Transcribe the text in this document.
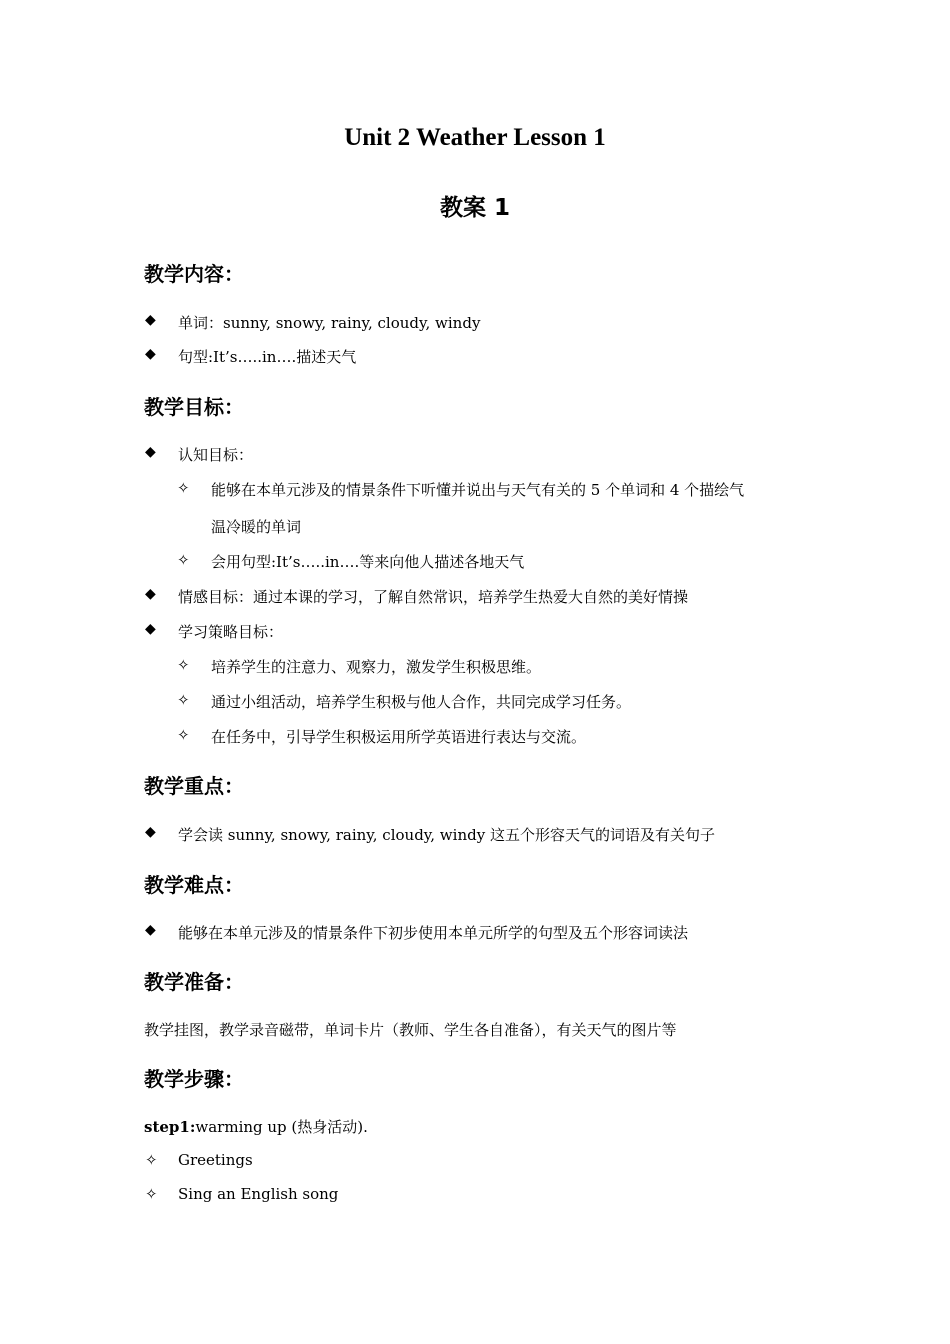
Unit 2 Weather Lesson 1
教案 1
教学内容：
◆ 单词：sunny, snowy, rainy, cloudy, windy
◆ 句型:It’s…..in….描述天气
教学目标：
◆ 认知目标：
✧ 能够在本单元涉及的情景条件下听懂并说出与天气有关的 5 个单词和 4 个描绘气
温冷暖的单词
✧ 会用句型:It’s…..in….等来向他人描述各地天气
◆ 情感目标：通过本课的学习，了解自然常识，培养学生热爱大自然的美好情操
◆ 学习策略目标：
✧ 培养学生的注意力、观察力，激发学生积极思维。
✧ 通过小组活动，培养学生积极与他人合作，共同完成学习任务。
✧ 在任务中，引导学生积极运用所学英语进行表达与交流。
教学重点：
◆ 学会读 sunny, snowy, rainy, cloudy, windy 这五个形容天气的词语及有关句子
教学难点：
◆ 能够在本单元涉及的情景条件下初步使用本单元所学的句型及五个形容词读法
教学准备：
教学挂图，教学录音磁带，单词卡片（教师、学生各自准备），有关天气的图片等
教学步骤：
step1:warming up (热身活动).
✧ Greetings
✧ Sing an English song
